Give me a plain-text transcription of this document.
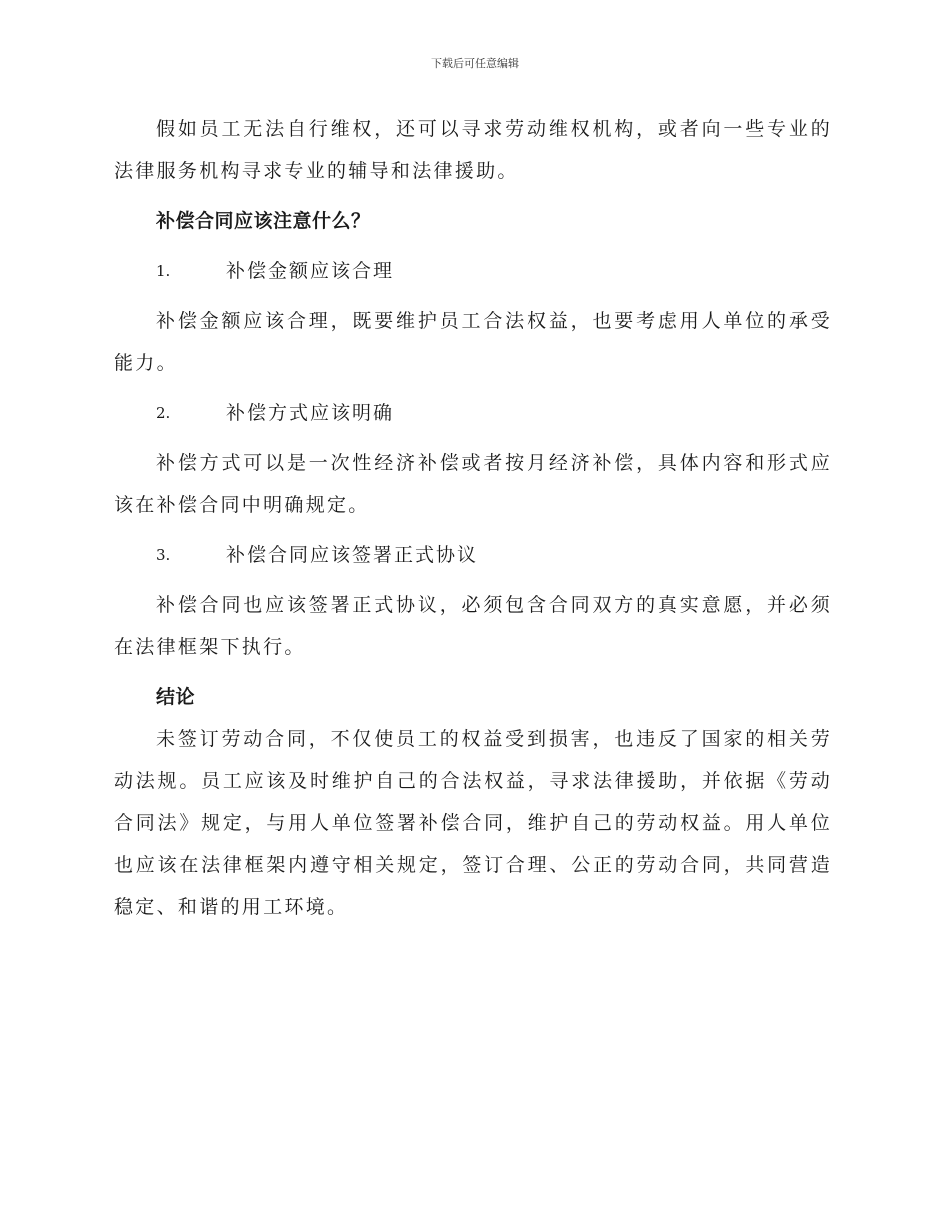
下载后可任意编辑

假如员工无法自行维权，还可以寻求劳动维权机构，或者向一些专业的法律服务机构寻求专业的辅导和法律援助。

补偿合同应该注意什么？
1.	补偿金额应该合理

补偿金额应该合理，既要维护员工合法权益，也要考虑用人单位的承受能力。

2.	补偿方式应该明确

补偿方式可以是一次性经济补偿或者按月经济补偿，具体内容和形式应该在补偿合同中明确规定。

3.	补偿合同应该签署正式协议

补偿合同也应该签署正式协议，必须包含合同双方的真实意愿，并必须在法律框架下执行。

结论

未签订劳动合同，不仅使员工的权益受到损害，也违反了国家的相关劳动法规。员工应该及时维护自己的合法权益，寻求法律援助，并依据《劳动合同法》规定，与用人单位签署补偿合同，维护自己的劳动权益。用人单位也应该在法律框架内遵守相关规定，签订合理、公正的劳动合同，共同营造稳定、和谐的用工环境。
